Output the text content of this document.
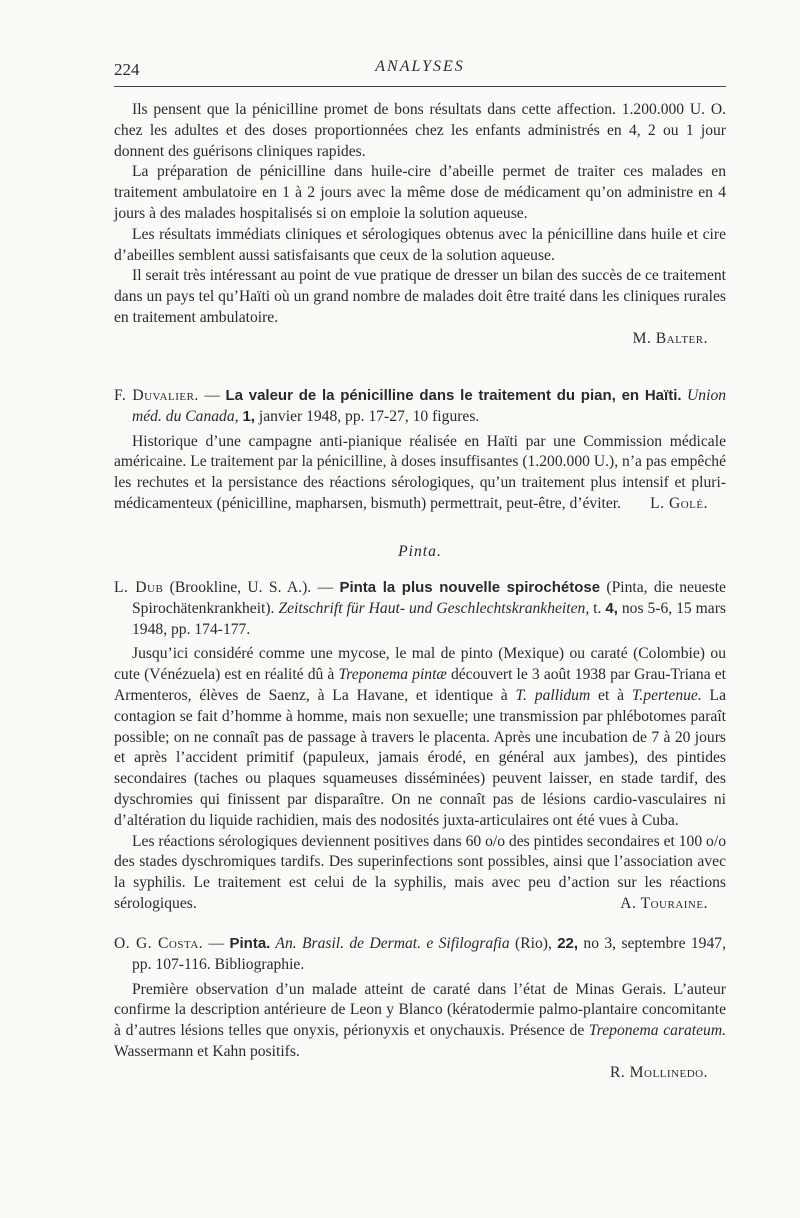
224	ANALYSES

Ils pensent que la pénicilline promet de bons résultats dans cette affection. 1.200.000 U. O. chez les adultes et des doses proportionnées chez les enfants administrés en 4, 2 ou 1 jour donnent des guérisons cliniques rapides.

La préparation de pénicilline dans huile-cire d’abeille permet de traiter ces malades en traitement ambulatoire en 1 à 2 jours avec la même dose de médicament qu’on administre en 4 jours à des malades hospitalisés si on emploie la solution aqueuse.

Les résultats immédiats cliniques et sérologiques obtenus avec la pénicilline dans huile et cire d’abeilles semblent aussi satisfaisants que ceux de la solution aqueuse.

Il serait très intéressant au point de vue pratique de dresser un bilan des succès de ce traitement dans un pays tel qu’Haïti où un grand nombre de malades doit être traité dans les cliniques rurales en traitement ambulatoire.

M. Balter.
F. Duvalier. — La valeur de la pénicilline dans le traitement du pian, en Haïti. Union méd. du Canada, 1, janvier 1948, pp. 17-27, 10 figures.

Historique d’une campagne anti-pianique réalisée en Haïti par une Commission médicale américaine. Le traitement par la pénicilline, à doses insuffisantes (1.200.000 U.), n’a pas empêché les rechutes et la persistance des réactions sérologiques, qu’un traitement plus intensif et pluri-médicamenteux (pénicilline, mapharsen, bismuth) permettrait, peut-être, d’éviter.	L. Golé.
Pinta.
L. Dub (Brookline, U. S. A.). — Pinta la plus nouvelle spirochétose (Pinta, die neueste Spirochätenkrankheit). Zeitschrift für Haut- und Geschlechtskrankheiten, t. 4, nos 5-6, 15 mars 1948, pp. 174-177.

Jusqu’ici considéré comme une mycose, le mal de pinto (Mexique) ou caraté (Colombie) ou cute (Vénézuela) est en réalité dû à Treponema pintæ découvert le 3 août 1938 par Grau-Triana et Armenteros, élèves de Saenz, à La Havane, et identique à T. pallidum et à T.pertenue. La contagion se fait d’homme à homme, mais non sexuelle; une transmission par phlébotomes paraît possible; on ne connaît pas de passage à travers le placenta. Après une incubation de 7 à 20 jours et après l’accident primitif (papuleux, jamais érodé, en général aux jambes), des pintides secondaires (taches ou plaques squameuses disséminées) peuvent laisser, en stade tardif, des dyschromies qui finissent par disparaître. On ne connaît pas de lésions cardio-vasculaires ni d’altération du liquide rachidien, mais des nodosités juxta-articulaires ont été vues à Cuba.

Les réactions sérologiques deviennent positives dans 60 o/o des pintides secondaires et 100 o/o des stades dyschromiques tardifs. Des superinfections sont possibles, ainsi que l’association avec la syphilis. Le traitement est celui de la syphilis, mais avec peu d’action sur les réactions sérologiques.	A. Touraine.
O. G. Costa. — Pinta. An. Brasil. de Dermat. e Sifilografia (Rio), 22, no 3, septembre 1947, pp. 107-116. Bibliographie.

Première observation d’un malade atteint de caraté dans l’état de Minas Gerais. L’auteur confirme la description antérieure de Leon y Blanco (kératodermie palmo-plantaire concomitante à d’autres lésions telles que onyxis, périonyxis et onychauxis. Présence de Treponema carateum. Wassermann et Kahn positifs.

R. Mollinedo.
